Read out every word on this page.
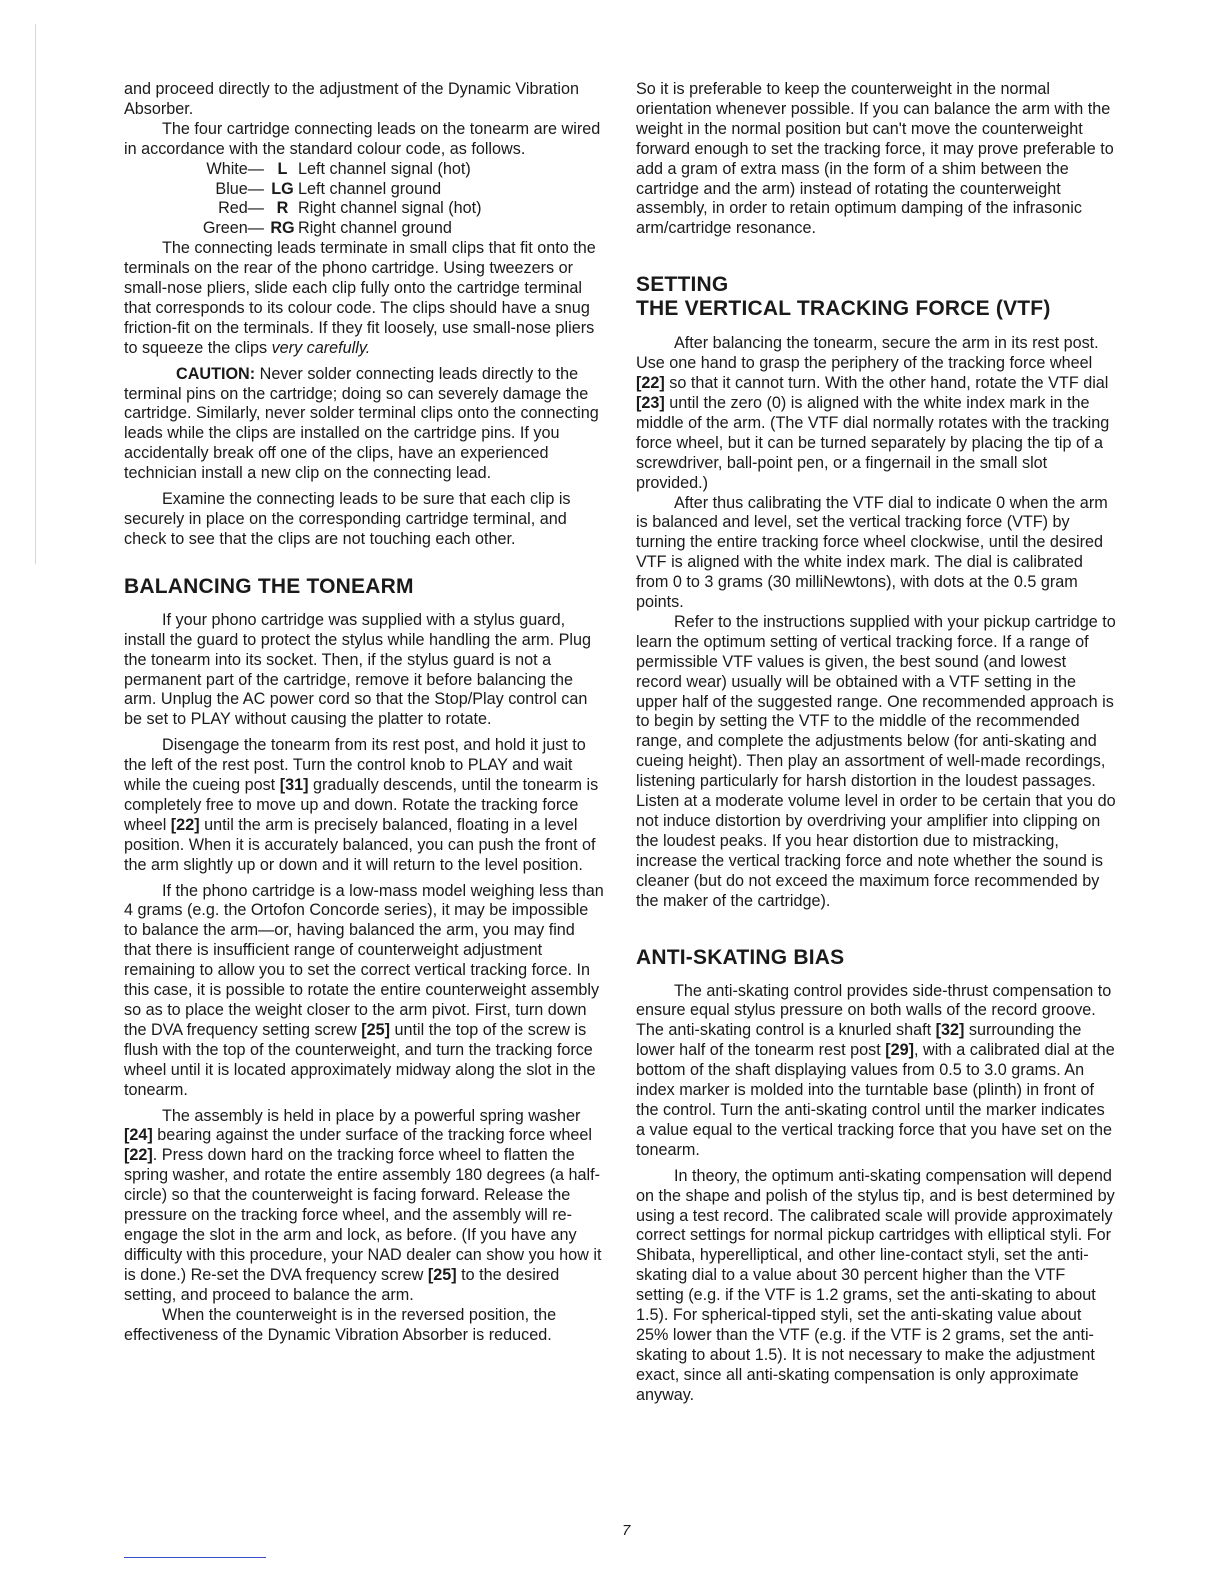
and proceed directly to the adjustment of the Dynamic Vibration Absorber.

The four cartridge connecting leads on the tonearm are wired in accordance with the standard colour code, as follows.

White— L Left channel signal (hot)
Blue— LG Left channel ground
Red— R Right channel signal (hot)
Green— RG Right channel ground

The connecting leads terminate in small clips that fit onto the terminals on the rear of the phono cartridge. Using tweezers or small-nose pliers, slide each clip fully onto the cartridge terminal that corresponds to its colour code. The clips should have a snug friction-fit on the terminals. If they fit loosely, use small-nose pliers to squeeze the clips very carefully.

CAUTION: Never solder connecting leads directly to the terminal pins on the cartridge; doing so can severely damage the cartridge. Similarly, never solder terminal clips onto the connecting leads while the clips are installed on the cartridge pins. If you accidentally break off one of the clips, have an experienced technician install a new clip on the connecting lead.

Examine the connecting leads to be sure that each clip is securely in place on the corresponding cartridge terminal, and check to see that the clips are not touching each other.

BALANCING THE TONEARM

If your phono cartridge was supplied with a stylus guard, install the guard to protect the stylus while handling the arm. Plug the tonearm into its socket. Then, if the stylus guard is not a permanent part of the cartridge, remove it before balancing the arm. Unplug the AC power cord so that the Stop/Play control can be set to PLAY without causing the platter to rotate.

Disengage the tonearm from its rest post, and hold it just to the left of the rest post. Turn the control knob to PLAY and wait while the cueing post [31] gradually descends, until the tonearm is completely free to move up and down. Rotate the tracking force wheel [22] until the arm is precisely balanced, floating in a level position. When it is accurately balanced, you can push the front of the arm slightly up or down and it will return to the level position.

If the phono cartridge is a low-mass model weighing less than 4 grams (e.g. the Ortofon Concorde series), it may be impossible to balance the arm—or, having balanced the arm, you may find that there is insufficient range of counterweight adjustment remaining to allow you to set the correct vertical tracking force. In this case, it is possible to rotate the entire counterweight assembly so as to place the weight closer to the arm pivot. First, turn down the DVA frequency setting screw [25] until the top of the screw is flush with the top of the counterweight, and turn the tracking force wheel until it is located approximately midway along the slot in the tonearm.

The assembly is held in place by a powerful spring washer [24] bearing against the under surface of the tracking force wheel [22]. Press down hard on the tracking force wheel to flatten the spring washer, and rotate the entire assembly 180 degrees (a half-circle) so that the counterweight is facing forward. Release the pressure on the tracking force wheel, and the assembly will re-engage the slot in the arm and lock, as before. (If you have any difficulty with this procedure, your NAD dealer can show you how it is done.) Re-set the DVA frequency screw [25] to the desired setting, and proceed to balance the arm.

When the counterweight is in the reversed position, the effectiveness of the Dynamic Vibration Absorber is reduced.

So it is preferable to keep the counterweight in the normal orientation whenever possible. If you can balance the arm with the weight in the normal position but can't move the counterweight forward enough to set the tracking force, it may prove preferable to add a gram of extra mass (in the form of a shim between the cartridge and the arm) instead of rotating the counterweight assembly, in order to retain optimum damping of the infrasonic arm/cartridge resonance.

SETTING
THE VERTICAL TRACKING FORCE (VTF)

After balancing the tonearm, secure the arm in its rest post. Use one hand to grasp the periphery of the tracking force wheel [22] so that it cannot turn. With the other hand, rotate the VTF dial [23] until the zero (0) is aligned with the white index mark in the middle of the arm. (The VTF dial normally rotates with the tracking force wheel, but it can be turned separately by placing the tip of a screwdriver, ball-point pen, or a fingernail in the small slot provided.)

After thus calibrating the VTF dial to indicate 0 when the arm is balanced and level, set the vertical tracking force (VTF) by turning the entire tracking force wheel clockwise, until the desired VTF is aligned with the white index mark. The dial is calibrated from 0 to 3 grams (30 milliNewtons), with dots at the 0.5 gram points.

Refer to the instructions supplied with your pickup cartridge to learn the optimum setting of vertical tracking force. If a range of permissible VTF values is given, the best sound (and lowest record wear) usually will be obtained with a VTF setting in the upper half of the suggested range. One recommended approach is to begin by setting the VTF to the middle of the recommended range, and complete the adjustments below (for anti-skating and cueing height). Then play an assortment of well-made recordings, listening particularly for harsh distortion in the loudest passages. Listen at a moderate volume level in order to be certain that you do not induce distortion by overdriving your amplifier into clipping on the loudest peaks. If you hear distortion due to mistracking, increase the vertical tracking force and note whether the sound is cleaner (but do not exceed the maximum force recommended by the maker of the cartridge).

ANTI-SKATING BIAS

The anti-skating control provides side-thrust compensation to ensure equal stylus pressure on both walls of the record groove. The anti-skating control is a knurled shaft [32] surrounding the lower half of the tonearm rest post [29], with a calibrated dial at the bottom of the shaft displaying values from 0.5 to 3.0 grams. An index marker is molded into the turntable base (plinth) in front of the control. Turn the anti-skating control until the marker indicates a value equal to the vertical tracking force that you have set on the tonearm.

In theory, the optimum anti-skating compensation will depend on the shape and polish of the stylus tip, and is best determined by using a test record. The calibrated scale will provide approximately correct settings for normal pickup cartridges with elliptical styli. For Shibata, hyperelliptical, and other line-contact styli, set the anti-skating dial to a value about 30 percent higher than the VTF setting (e.g. if the VTF is 1.2 grams, set the anti-skating to about 1.5). For spherical-tipped styli, set the anti-skating value about 25% lower than the VTF (e.g. if the VTF is 2 grams, set the anti-skating to about 1.5). It is not necessary to make the adjustment exact, since all anti-skating compensation is only approximate anyway.

7
